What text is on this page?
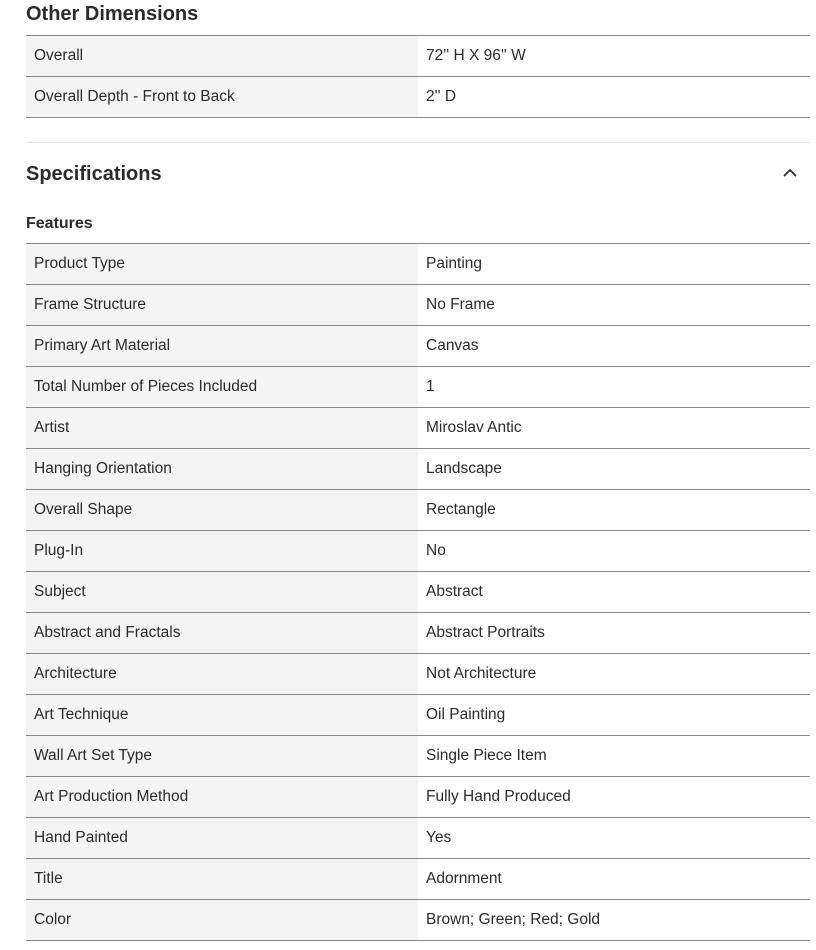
Other Dimensions
Overall	72'' H X 96'' W
Overall Depth - Front to Back	2'' D
Specifications
Features
Product Type	Painting
Frame Structure	No Frame
Primary Art Material	Canvas
Total Number of Pieces Included	1
Artist	Miroslav Antic
Hanging Orientation	Landscape
Overall Shape	Rectangle
Plug-In	No
Subject	Abstract
Abstract and Fractals	Abstract Portraits
Architecture	Not Architecture
Art Technique	Oil Painting
Wall Art Set Type	Single Piece Item
Art Production Method	Fully Hand Produced
Hand Painted	Yes
Title	Adornment
Color	Brown; Green; Red; Gold
